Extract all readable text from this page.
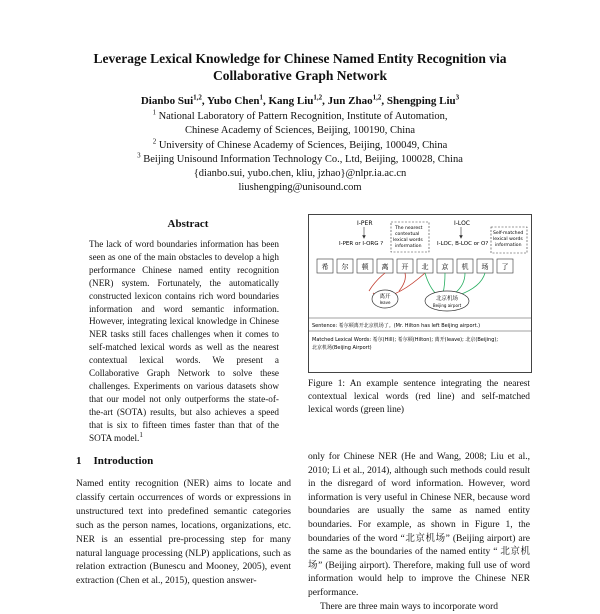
Leverage Lexical Knowledge for Chinese Named Entity Recognition via
Collaborative Graph Network
Dianbo Sui$^{1,2}$, Yubo Chen$^1$, Kang Liu$^{1,2}$, Jun Zhao$^{1,2}$, Shengping Liu$^3$
$^1$ National Laboratory of Pattern Recognition, Institute of Automation,
Chinese Academy of Sciences, Beijing, 100190, China
$^2$ University of Chinese Academy of Sciences, Beijing, 100049, China
$^3$ Beijing Unisound Information Technology Co., Ltd, Beijing, 100028, China
{dianbo.sui, yubo.chen, kliu, jzhao}@nlpr.ia.ac.cn
liushengping@unisound.com
Abstract
The lack of word boundaries information has been seen as one of the main obstacles to develop a high performance Chinese named entity recognition (NER) system. Fortunately, the automatically constructed lexicon contains rich word boundaries information and word semantic information. However, integrating lexical knowledge in Chinese NER tasks still faces challenges when it comes to self-matched lexical words as well as the nearest contextual lexical words. We present a Collaborative Graph Network to solve these challenges. Experiments on various datasets show that our model not only outperforms the state-of-the-art (SOTA) results, but also achieves a speed that is six to fifteen times faster than that of the SOTA model.$^1$
1 Introduction
Named entity recognition (NER) aims to locate and classify certain occurrences of words or expressions in unstructured text into predefined semantic categories such as the person names, locations, organizations, etc. NER is an essential pre-processing step for many natural language processing (NLP) applications, such as relation extraction (Bunescu and Mooney, 2005), event extraction (Chen et al., 2015), question answer-
I-PER	I-LOC
I-PER or I-ORG ?	I-LOC, B-LOC or O?
The nearest
contextual
lexical words
information
Self-matched
lexical words
information
希 尔 顿 离 开 北 京 机 场 了
离开
leave
北京机场
Beijing airport
Sentence: 希尔顿离开北京机场了。(Mr. Hilton has left Beijing airport.)
Matched Lexical Words: 希尔(Hill); 希尔顿(Hilton); 离开(leave); 北京(Beijing);
北京机场(Beijing Airport)
Figure 1: An example sentence integrating the nearest contextual lexical words (red line) and self-matched lexical words (green line)
only for Chinese NER (He and Wang, 2008; Liu et al., 2010; Li et al., 2014), although such methods could result in the disregard of word information. However, word information is very useful in Chinese NER, because word boundaries are usually the same as named entity boundaries. For example, as shown in Figure 1, the boundaries of the word “北京机场” (Beijing airport) are the same as the boundaries of the named entity “ 北京机场” (Beijing airport). Therefore, making full use of word information would help to improve the Chinese NER performance.
There are three main ways to incorporate word
